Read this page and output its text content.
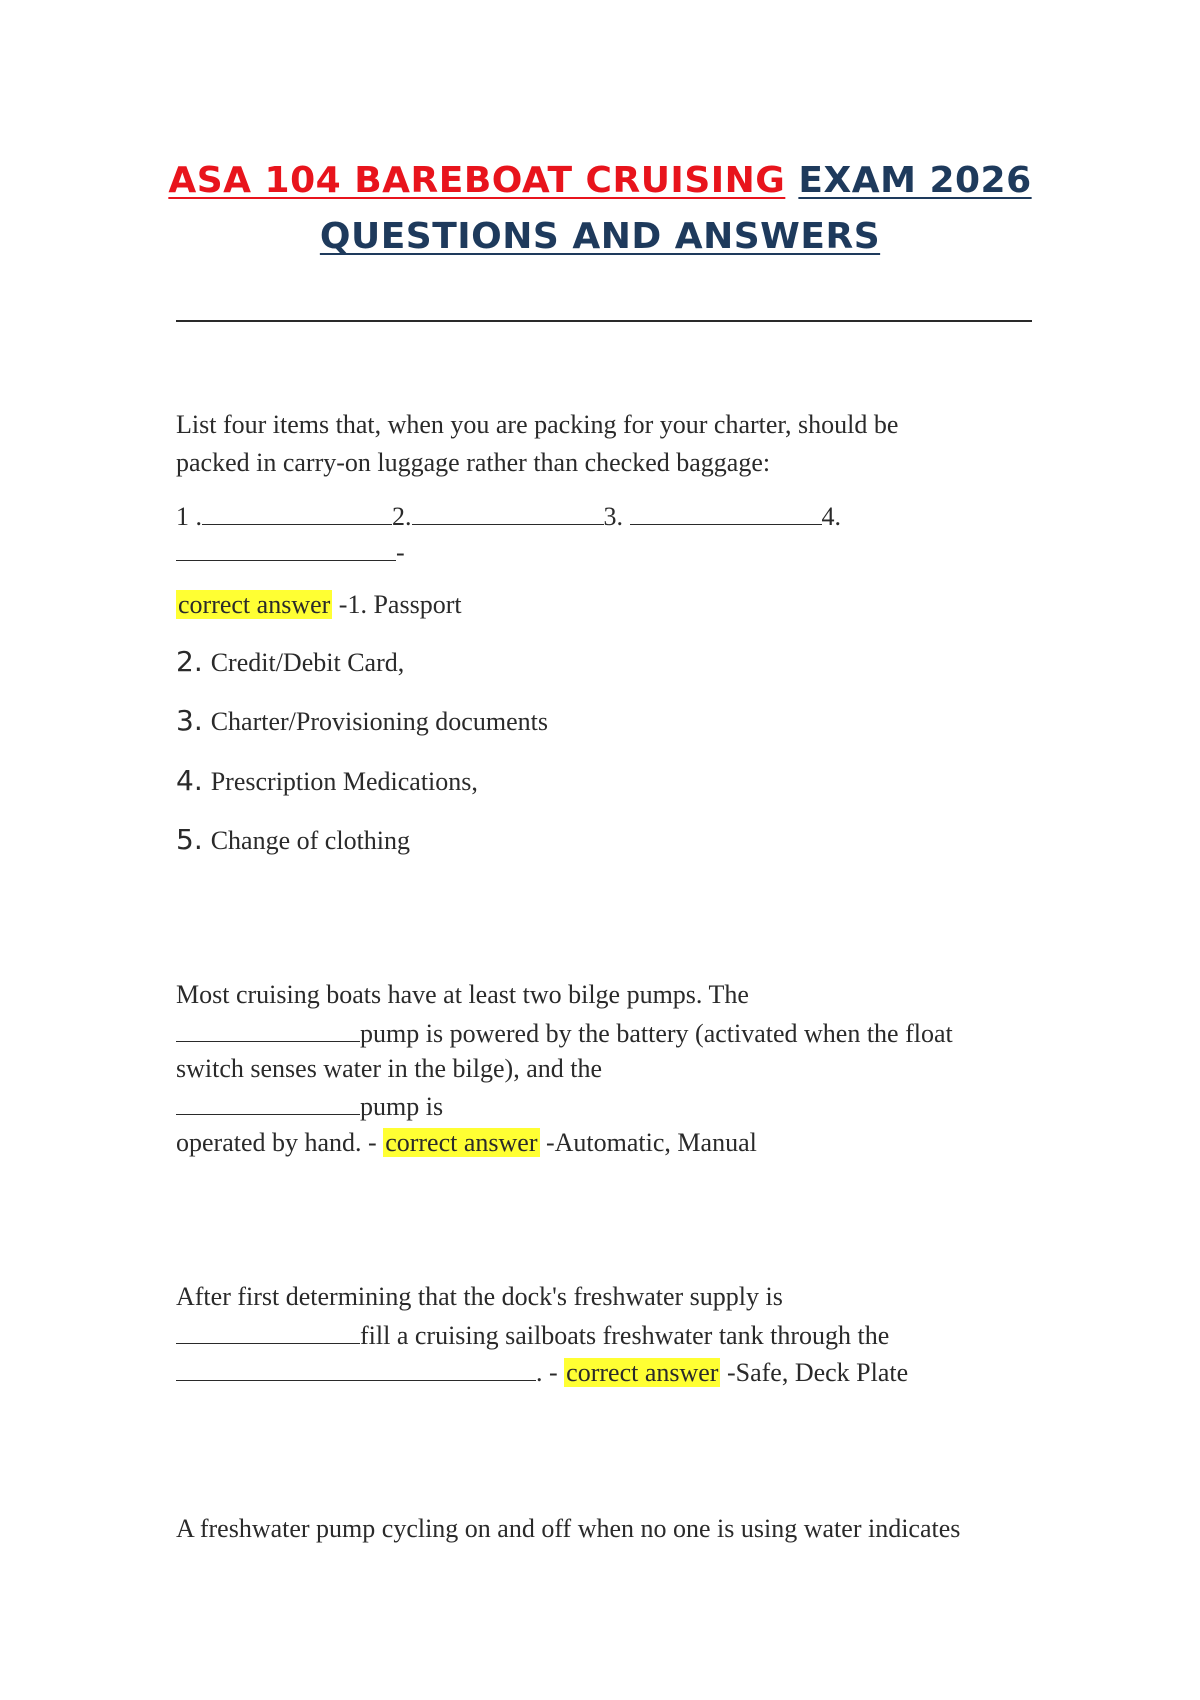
ASA 104 BAREBOAT CRUISING EXAM 2026
QUESTIONS AND ANSWERS

List four items that, when you are packing for your charter, should be

packed in carry-on luggage rather than checked baggage:

1 .	2.	3.	4.

-

correct answer -1. Passport

2. Credit/Debit Card,

3. Charter/Provisioning documents

4. Prescription Medications,

5. Change of clothing

Most cruising boats have at least two bilge pumps. The

pump is powered by the battery (activated when the float

switch senses water in the bilge), and the

pump is

operated by hand. - correct answer -Automatic, Manual

After first determining that the dock's freshwater supply is

fill a cruising sailboats freshwater tank through the

. - correct answer -Safe, Deck Plate

A freshwater pump cycling on and off when no one is using water indicates
